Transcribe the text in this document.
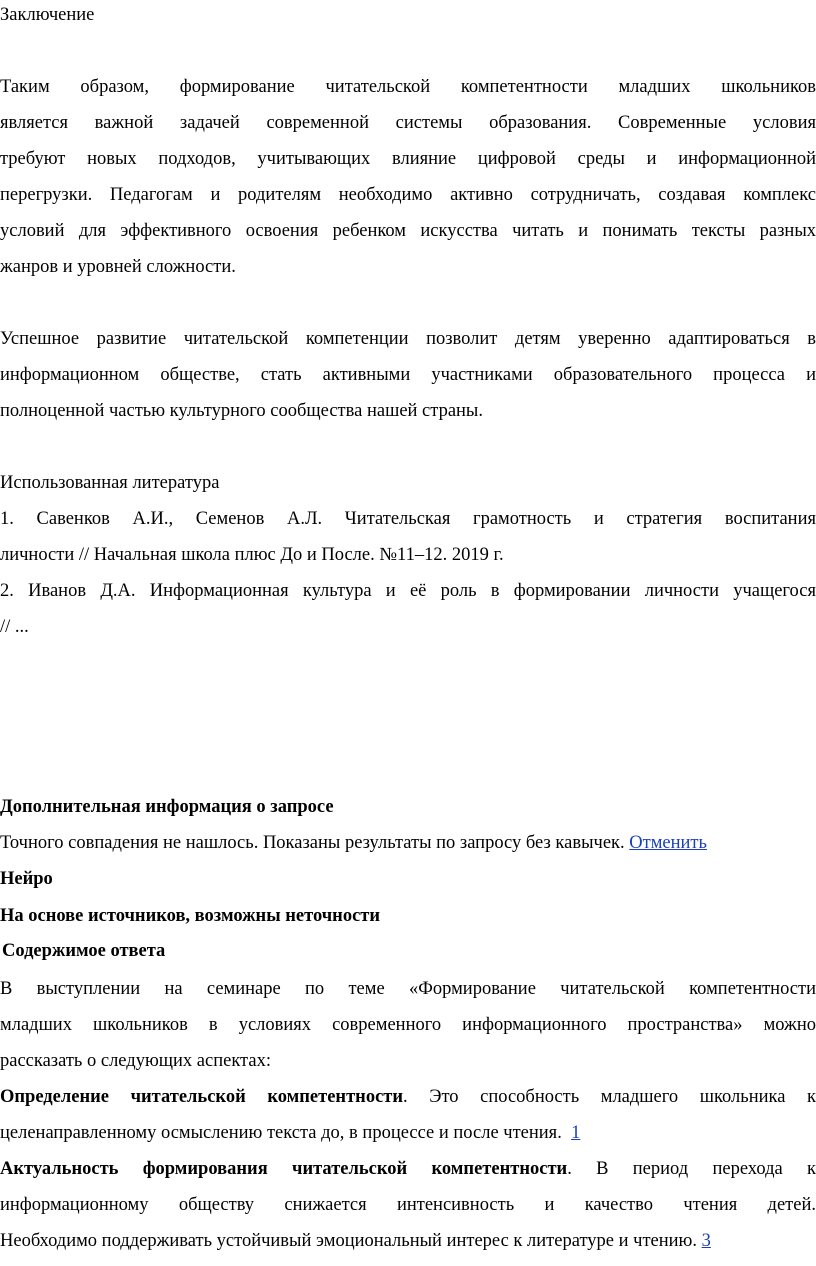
Заключение
Таким образом, формирование читательской компетентности младших школьников
является важной задачей современной системы образования. Современные условия
требуют новых подходов, учитывающих влияние цифровой среды и информационной
перегрузки. Педагогам и родителям необходимо активно сотрудничать, создавая комплекс
условий для эффективного освоения ребенком искусства читать и понимать тексты разных
жанров и уровней сложности.
Успешное развитие читательской компетенции позволит детям уверенно адаптироваться в
информационном обществе, стать активными участниками образовательного процесса и
полноценной частью культурного сообщества нашей страны.
Использованная литература
1. Савенков А.И., Семенов А.Л. Читательская грамотность и стратегия воспитания
личности // Начальная школа плюс До и После. №11–12. 2019 г.
2. Иванов Д.А. Информационная культура и её роль в формировании личности учащегося
// ...
Дополнительная информация о запросе
Точного совпадения не нашлось. Показаны результаты по запросу без кавычек. Отменить
Нейро
На основе источников, возможны неточности
Содержимое ответа
В выступлении на семинаре по теме «Формирование читательской компетентности
младших школьников в условиях современного информационного пространства» можно
рассказать о следующих аспектах:
Определение читательской компетентности. Это способность младшего школьника к
целенаправленному осмыслению текста до, в процессе и после чтения. 1
Актуальность формирования читательской компетентности. В период перехода к
информационному обществу снижается интенсивность и качество чтения детей.
Необходимо поддерживать устойчивый эмоциональный интерес к литературе и чтению. 3
